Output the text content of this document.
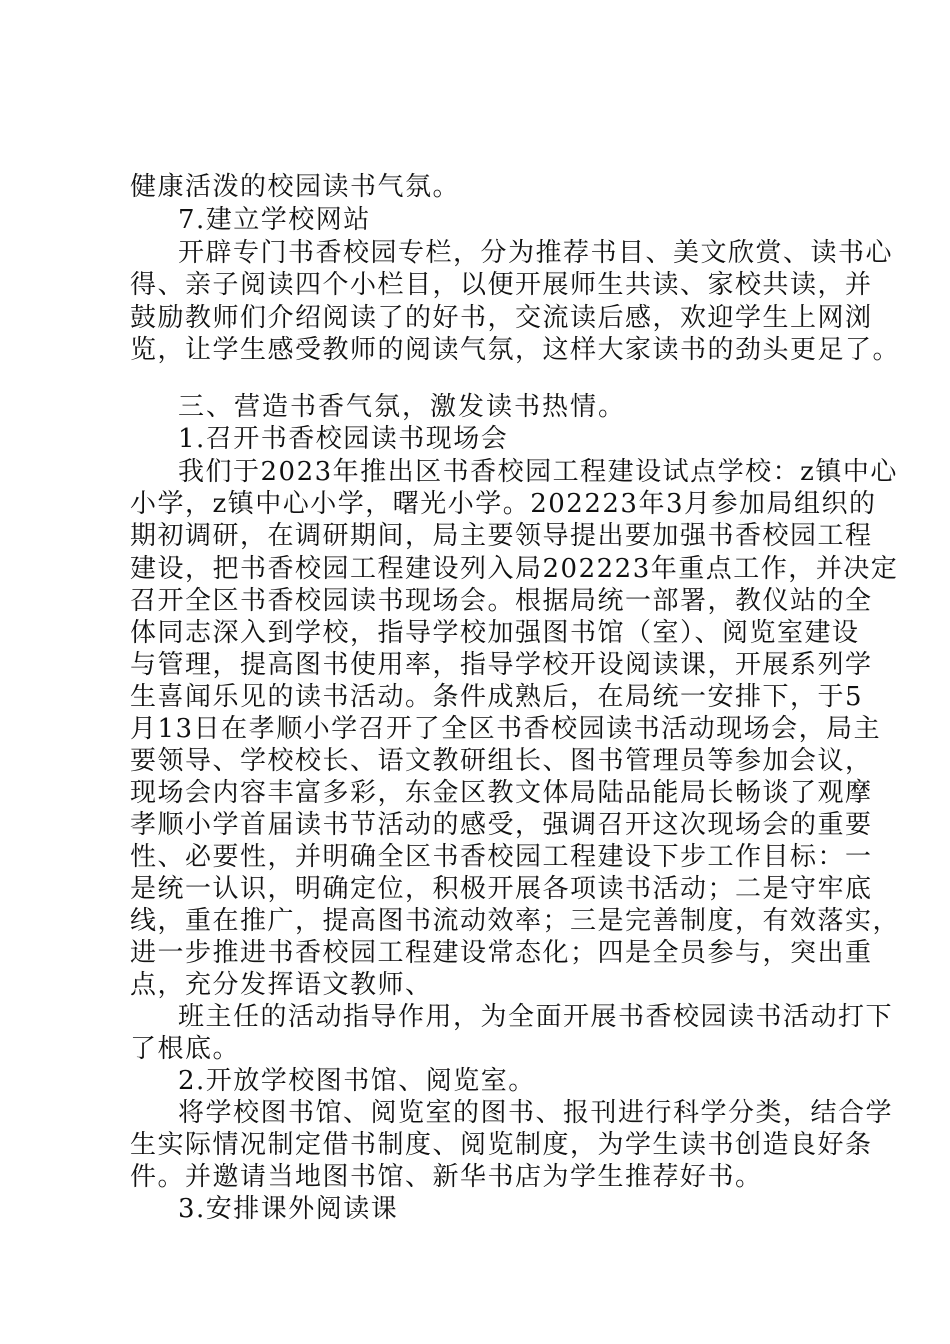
健康活泼的校园读书气氛。
7.建立学校网站
开辟专门书香校园专栏，分为推荐书目、美文欣赏、读书心
得、亲子阅读四个小栏目，以便开展师生共读、家校共读，并
鼓励教师们介绍阅读了的好书，交流读后感，欢迎学生上网浏
览，让学生感受教师的阅读气氛，这样大家读书的劲头更足了。
三、营造书香气氛，激发读书热情。
1.召开书香校园读书现场会
我们于2023年推出区书香校园工程建设试点学校：z镇中心
小学，z镇中心小学，曙光小学。202223年3月参加局组织的
期初调研，在调研期间，局主要领导提出要加强书香校园工程
建设，把书香校园工程建设列入局202223年重点工作，并决定
召开全区书香校园读书现场会。根据局统一部署，教仪站的全
体同志深入到学校，指导学校加强图书馆（室）、阅览室建设
与管理，提高图书使用率，指导学校开设阅读课，开展系列学
生喜闻乐见的读书活动。条件成熟后，在局统一安排下，于5
月13日在孝顺小学召开了全区书香校园读书活动现场会，局主
要领导、学校校长、语文教研组长、图书管理员等参加会议，
现场会内容丰富多彩，东金区教文体局陆品能局长畅谈了观摩
孝顺小学首届读书节活动的感受，强调召开这次现场会的重要
性、必要性，并明确全区书香校园工程建设下步工作目标：一
是统一认识，明确定位，积极开展各项读书活动；二是守牢底
线，重在推广，提高图书流动效率；三是完善制度，有效落实，
进一步推进书香校园工程建设常态化；四是全员参与，突出重
点，充分发挥语文教师、
班主任的活动指导作用，为全面开展书香校园读书活动打下
了根底。
2.开放学校图书馆、阅览室。
将学校图书馆、阅览室的图书、报刊进行科学分类，结合学
生实际情况制定借书制度、阅览制度，为学生读书创造良好条
件。并邀请当地图书馆、新华书店为学生推荐好书。
3.安排课外阅读课
